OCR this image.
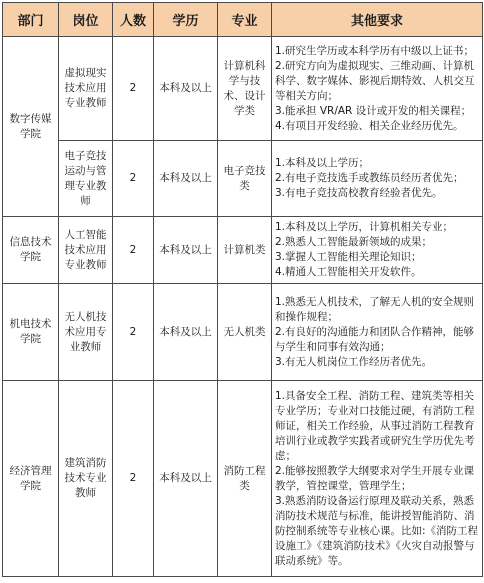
部门	岗位	人数	学历	专业	其他要求

数字传媒学院	虚拟现实技术应用专业教师	2	本科及以上	计算机科学与技术、设计学类	1.研究生学历或本科学历有中级以上证书；
2.研究方向为虚拟现实、三维动画、计算机科学、数字媒体、影视后期特效、人机交互等相关方向；
3.能承担 VR/AR 设计或开发的相关课程；
4.有项目开发经验、相关企业经历优先。

	电子竞技运动与管理专业教师	2	本科及以上	电子竞技类	1.本科及以上学历；
2.有电子竞技选手或教练员经历者优先；
3.有电子竞技高校教育经验者优先。

信息技术学院	人工智能技术应用专业教师	2	本科及以上	计算机类	1.本科及以上学历，计算机相关专业；
2.熟悉人工智能最新领域的成果；
3.掌握人工智能相关理论知识；
4.精通人工智能相关开发软件。

机电技术学院	无人机技术应用专业教师	2	本科及以上	无人机类	1.熟悉无人机技术，了解无人机的安全规则和操作规程；
2.有良好的沟通能力和团队合作精神，能够与学生和同事有效沟通；
3.有无人机岗位工作经历者优先。

经济管理学院	建筑消防技术专业教师	2	本科及以上	消防工程类	1.具备安全工程、消防工程、建筑类等相关专业学历；专业对口技能过硬，有消防工程师证，相关工作经验，从事过消防工程教育培训行业或教学实践者或研究生学历优先考虑；
2.能够按照教学大纲要求对学生开展专业课教学，管控课堂，管理学生；
3.熟悉消防设备运行原理及联动关系，熟悉消防技术规范与标准，能讲授智能消防、消防控制系统等专业核心课。比如:《消防工程设施工》《建筑消防技术》《火灾自动报警与联动系统》等。
